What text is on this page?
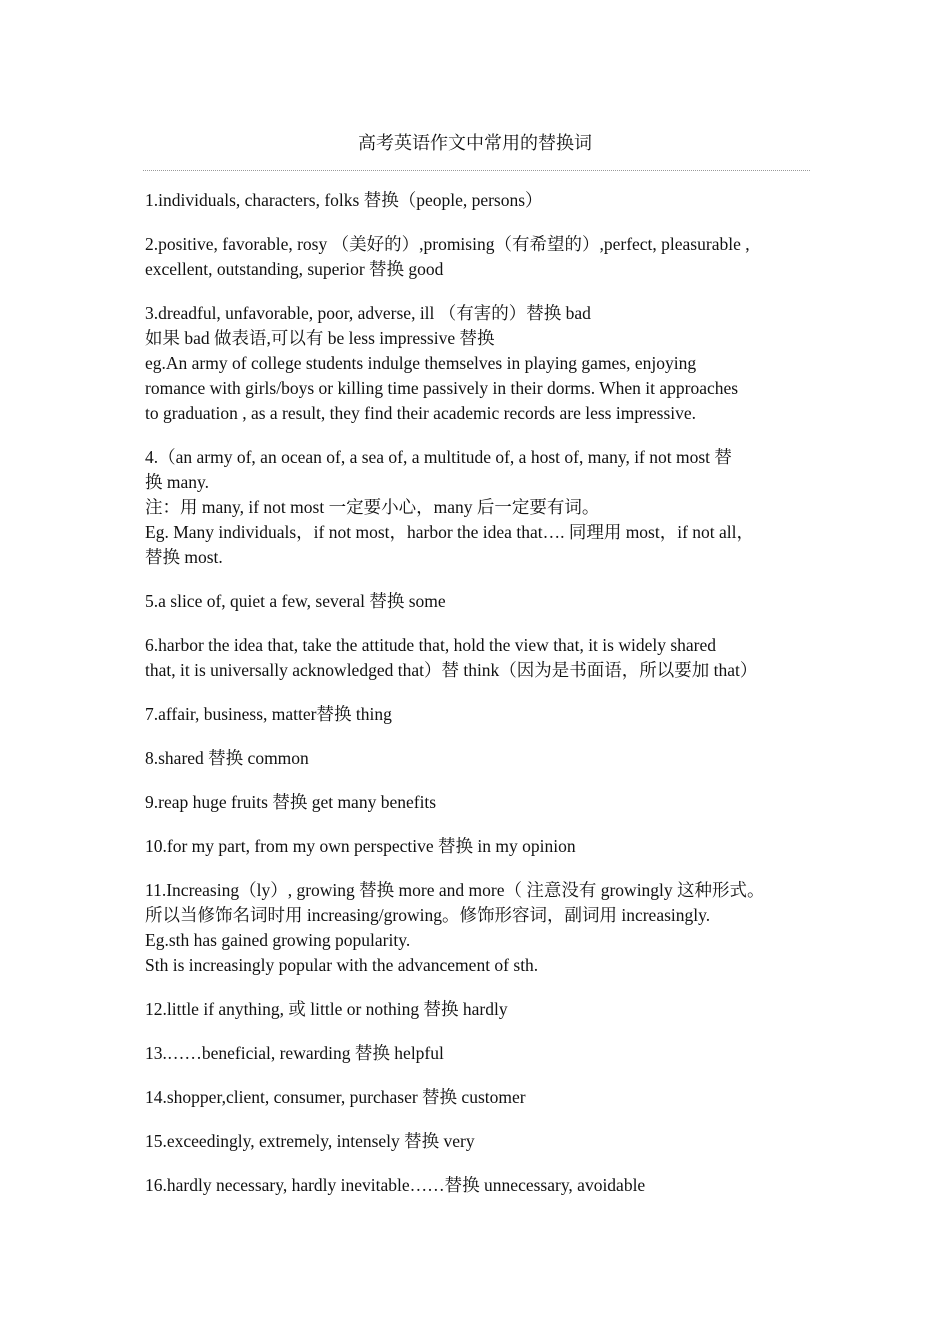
高考英语作文中常用的替换词
1.individuals, characters, folks 替换（people, persons）
2.positive, favorable, rosy （美好的）,promising（有希望的）,perfect, pleasurable ,
excellent, outstanding, superior 替换 good
3.dreadful, unfavorable, poor, adverse, ill （有害的）替换 bad
如果 bad 做表语,可以有 be less impressive 替换
eg.An army of college students indulge themselves in playing games, enjoying
romance with girls/boys or killing time passively in their dorms. When it approaches
to graduation , as a result, they find their academic records are less impressive.
4.（an army of, an ocean of, a sea of, a multitude of, a host of, many, if not most 替
换 many.
注：用 many, if not most 一定要小心，many 后一定要有词。
Eg. Many individuals，if not most，harbor the idea that…. 同理用 most，if not all，
替换 most.
5.a slice of, quiet a few, several 替换 some
6.harbor the idea that, take the attitude that, hold the view that, it is widely shared
that, it is universally acknowledged that）替 think（因为是书面语，所以要加 that）
7.affair, business, matter替换 thing
8.shared 替换 common
9.reap huge fruits 替换 get many benefits
10.for my part, from my own perspective 替换 in my opinion
11.Increasing（ly）, growing 替换 more and more（ 注意没有 growingly 这种形式。
所以当修饰名词时用 increasing/growing。修饰形容词，副词用 increasingly.
Eg.sth has gained growing popularity.
Sth is increasingly popular with the advancement of sth.
12.little if anything, 或 little or nothing 替换 hardly
13.……beneficial, rewarding 替换 helpful
14.shopper,client, consumer, purchaser 替换 customer
15.exceedingly, extremely, intensely 替换 very
16.hardly necessary, hardly inevitable……替换 unnecessary, avoidable
